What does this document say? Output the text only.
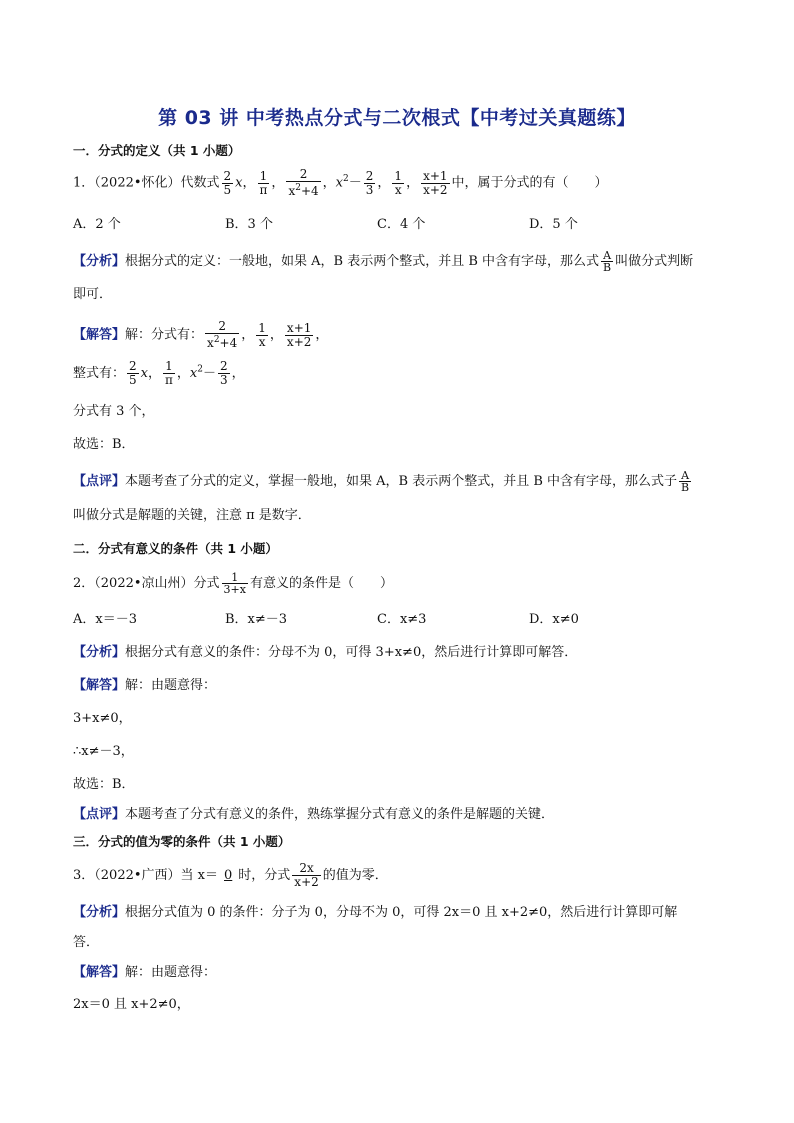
第 03 讲 中考热点分式与二次根式【中考过关真题练】
一．分式的定义（共 1 小题）
1．（2022•怀化）代数式 $\frac{2}{5}$ x， $\frac{1}{\pi}$ ， $\frac{2}{x^2+4}$ ，$x^2- \frac{2}{3}$ ， $\frac{1}{x}$ ， $\frac{x+1}{x+2}$ 中，属于分式的有（　　）
A．2 个	B．3 个	C．4 个	D．5 个
【分析】根据分式的定义：一般地，如果 A，B 表示两个整式，并且 B 中含有字母，那么式 $\frac{A}{B}$ 叫做分式判断
即可．
【解答】解：分式有： $\frac{2}{x^2+4}$ ， $\frac{1}{x}$ ， $\frac{x+1}{x+2}$ ，
整式有： $\frac{2}{5}$ x， $\frac{1}{\pi}$ ，$x^2- \frac{2}{3}$ ，
分式有 3 个，
故选：B．
【点评】本题考查了分式的定义，掌握一般地，如果 A，B 表示两个整式，并且 B 中含有字母，那么式子 $\frac{A}{B}$
叫做分式是解题的关键，注意 π 是数字．
二．分式有意义的条件（共 1 小题）
2．（2022•凉山州）分式 $\frac{1}{3+x}$ 有意义的条件是（　　）
A．x＝－3	B．x≠－3	C．x≠3	D．x≠0
【分析】根据分式有意义的条件：分母不为 0，可得 3+x≠0，然后进行计算即可解答．
【解答】解：由题意得：
3+x≠0，
∴x≠－3，
故选：B．
【点评】本题考查了分式有意义的条件，熟练掌握分式有意义的条件是解题的关键．
三．分式的值为零的条件（共 1 小题）
3．（2022•广西）当 x＝ 0 时，分式 $\frac{2x}{x+2}$ 的值为零．
【分析】根据分式值为 0 的条件：分子为 0，分母不为 0，可得 2x＝0 且 x+2≠0，然后进行计算即可解
答．
【解答】解：由题意得：
2x＝0 且 x+2≠0，
